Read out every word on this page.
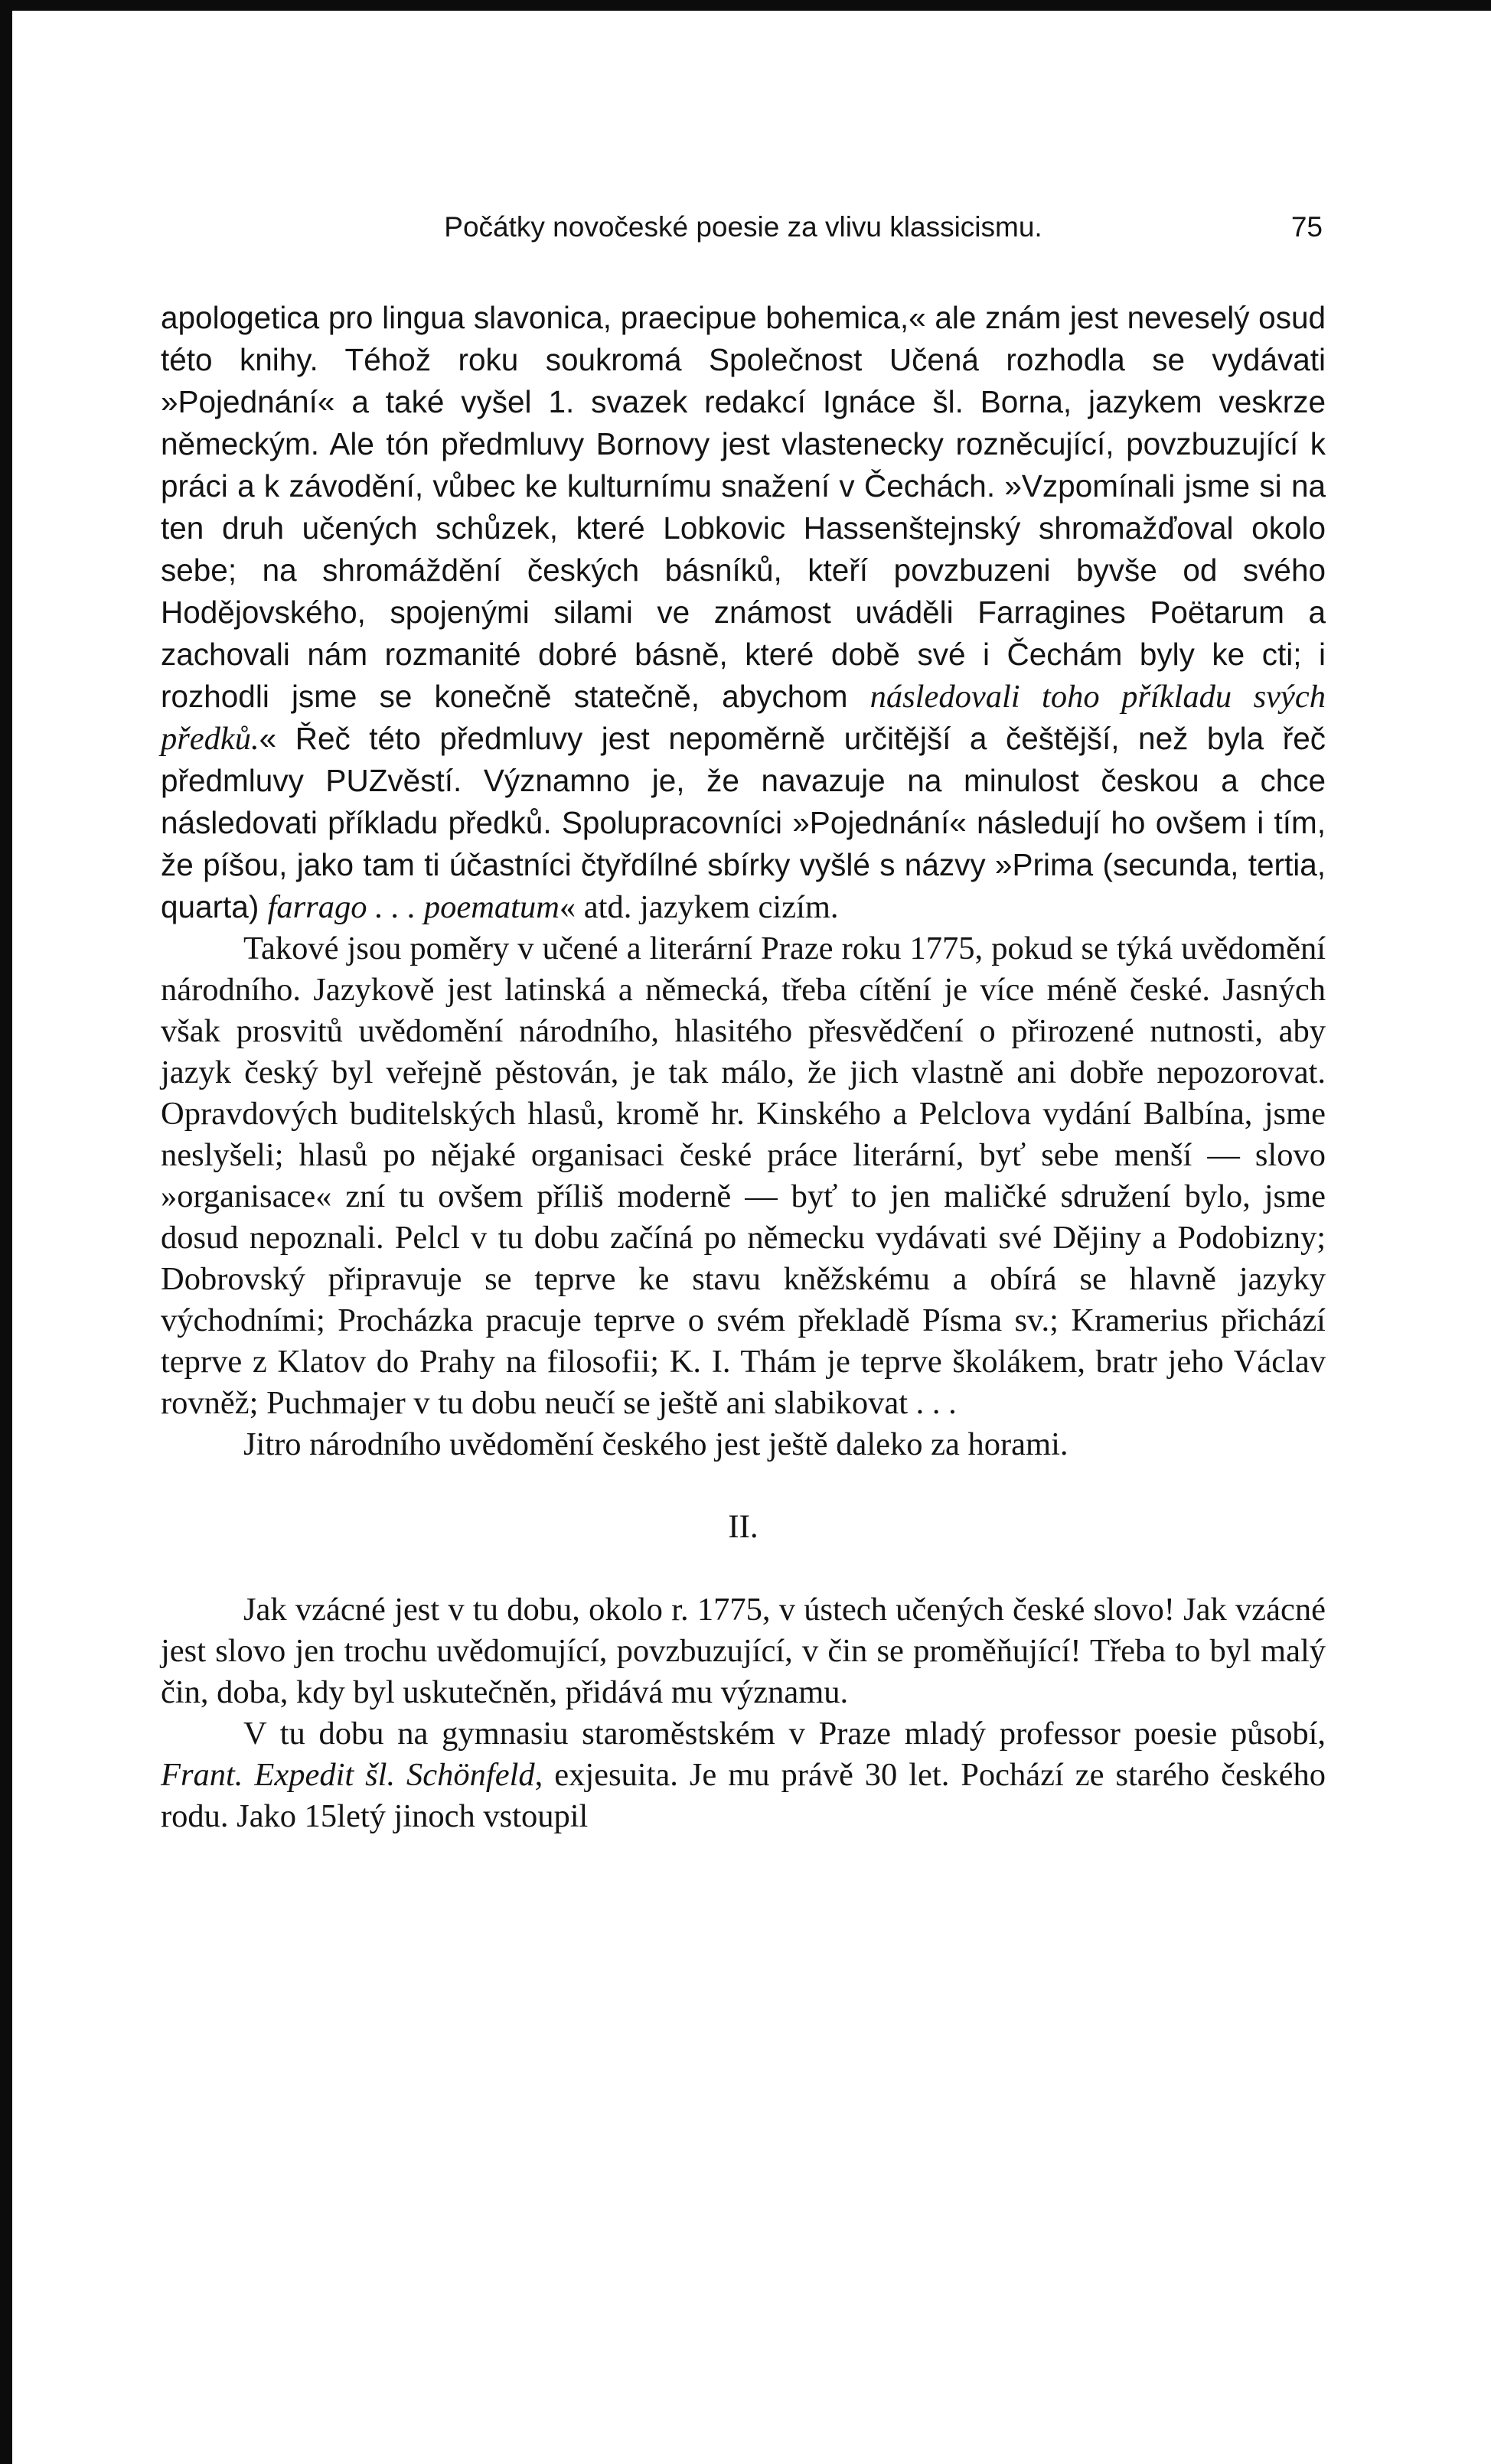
Počátky novočeské poesie za vlivu klassicismu.	75

apologetica pro lingua slavonica, praecipue bohemica,« ale znám jest neveselý osud této knihy. Téhož roku soukromá Společnost Učená rozhodla se vydávati »Pojednání« a také vyšel 1. svazek redakcí Ignáce šl. Borna, jazykem veskrze německým. Ale tón předmluvy Bornovy jest vlastenecky rozněcující, povzbuzující k práci a k závodění, vůbec ke kulturnímu snažení v Čechách. »Vzpomínali jsme si na ten druh učených schůzek, které Lobkovic Hassenštejnský shromažďoval okolo sebe; na shromáždění českých básníků, kteří povzbuzeni byvše od svého Hodějovského, spojenými silami ve známost uváděli Farragines Poëtarum a zachovali nám rozmanité dobré básně, které době své i Čechám byly ke cti; i rozhodli jsme se konečně statečně, abychom následovali toho příkladu svých předků.« Řeč této předmluvy jest nepoměrně určitější a češtější, než byla řeč předmluvy PUZvěstí. Významno je, že navazuje na minulost českou a chce následovati příkladu předků. Spolupracovníci »Pojednání« následují ho ovšem i tím, že píšou, jako tam ti účastníci čtyřdílné sbírky vyšlé s názvy »Prima (secunda, tertia, quarta) farrago . . . poematum« atd. jazykem cizím.

Takové jsou poměry v učené a literární Praze roku 1775, pokud se týká uvědomění národního. Jazykově jest latinská a německá, třeba cítění je více méně české. Jasných však prosvitů uvědomění národního, hlasitého přesvědčení o přirozené nutnosti, aby jazyk český byl veřejně pěstován, je tak málo, že jich vlastně ani dobře nepozorovat. Opravdových buditelských hlasů, kromě hr. Kinského a Pelclova vydání Balbína, jsme neslyšeli; hlasů po nějaké organisaci české práce literární, byť sebe menší — slovo »organisace« zní tu ovšem příliš moderně — byť to jen maličké sdružení bylo, jsme dosud nepoznali. Pelcl v tu dobu začíná po německu vydávati své Dějiny a Podobizny; Dobrovský připravuje se teprve ke stavu kněžskému a obírá se hlavně jazyky východními; Procházka pracuje teprve o svém překladě Písma sv.; Kramerius přichází teprve z Klatov do Prahy na filosofii; K. I. Thám je teprve školákem, bratr jeho Václav rovněž; Puchmajer v tu dobu neučí se ještě ani slabikovat . . .

Jitro národního uvědomění českého jest ještě daleko za horami.

II.

Jak vzácné jest v tu dobu, okolo r. 1775, v ústech učených české slovo! Jak vzácné jest slovo jen trochu uvědomující, povzbuzující, v čin se proměňující! Třeba to byl malý čin, doba, kdy byl uskutečněn, přidává mu významu.

V tu dobu na gymnasiu staroměstském v Praze mladý professor poesie působí, Frant. Expedit šl. Schönfeld, exjesuita. Je mu právě 30 let. Pochází ze starého českého rodu. Jako 15letý jinoch vstoupil
